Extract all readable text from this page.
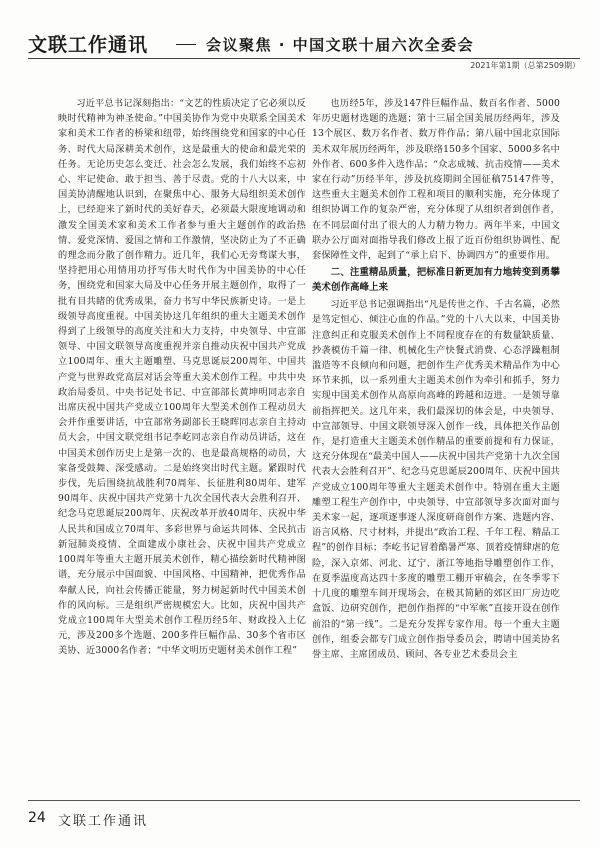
文联工作通讯	会议聚焦 · 中国文联十届六次全委会
2021年第1期（总第2509期）

习近平总书记深刻指出：“文艺的性质决定了它必须以反映时代精神为神圣使命。”中国美协作为党中央联系全国美术家和美术工作者的桥梁和纽带，始终围绕党和国家的中心任务、时代大局深耕美术创作，这是最重大的使命和最光荣的任务。无论历史怎么变迁、社会怎么发展，我们始终不忘初心、牢记使命、敢于担当、善于尽责。党的十八大以来，中国美协清醒地认识到，在聚焦中心、服务大局组织美术创作上，已经迎来了新时代的美好春天，必须最大限度地调动和激发全国美术家和美术工作者参与重大主题创作的政治热情、爱党深情、爱国之情和工作激情，坚决防止为了不正确的理念而分散了创作精力。近几年，我们心无旁骛谋大事，坚持把用心用情用功抒写伟大时代作为中国美协的中心任务，围绕党和国家大局及中心任务开展主题创作，取得了一批有目共睹的优秀成果，奋力书写中华民族新史诗。一是上级领导高度重视。中国美协这几年组织的重大主题美术创作得到了上级领导的高度关注和大力支持，中央领导、中宣部领导、中国文联领导高度重视并亲自推动庆祝中国共产党成立100周年、重大主题雕塑、马克思诞辰200周年、中国共产党与世界政党高层对话会等重大美术创作工程。中共中央政治局委员、中央书记处书记、中宣部部长黄坤明同志亲自出席庆祝中国共产党成立100周年大型美术创作工程动员大会并作重要讲话，中宣部常务副部长王晓晖同志亲自主持动员大会，中国文联党组书记李屹同志亲自作动员讲话，这在中国美术创作历史上是第一次的、也是最高规格的动员，大家备受鼓舞、深受感动。二是始终突出时代主题。紧跟时代步伐，先后围绕抗战胜利70周年、长征胜利80周年、建军90周年、庆祝中国共产党第十九次全国代表大会胜利召开、纪念马克思诞辰200周年、庆祝改革开放40周年、庆祝中华人民共和国成立70周年、多彩世界与命运共同体、全民抗击新冠肺炎疫情、全面建成小康社会、庆祝中国共产党成立100周年等重大主题开展美术创作，精心描绘新时代精神图谱，充分展示中国面貌、中国风格、中国精神，把优秀作品奉献人民，向社会传播正能量，努力树起新时代中国美术创作的风向标。三是组织严密规模宏大。比如，庆祝中国共产党成立100周年大型美术创作工程历经5年、财政投入上亿元，涉及200多个选题、200多件巨幅作品、30多个省市区美协、近3000名作者；“中华文明历史题材美术创作工程”

也历经5年，涉及147件巨幅作品、数百名作者、5000年历史题材选题的选题；第十三届全国美展历经两年，涉及13个展区、数万名作者、数万件作品；第八届中国北京国际美术双年展历经两年，涉及联络150多个国家、5000多名中外作者、600多件入选作品；“众志成城、抗击疫情——美术家在行动”历经半年，涉及抗疫期间全国征稿75147件等，这些重大主题美术创作工程和项目的顺利实施，充分体现了组织协调工作的复杂严密，充分体现了从组织者到创作者，在不同层面付出了很大的人力精力物力。两年半来，中国文联办公厅面对面指导我们修改上报了近百份组织协调性、配套保障性文件，起到了“承上启下、协调四方”的重要作用。

二、注重精品质量，把标准日新更加有力地转变到勇攀美术创作高峰上来

习近平总书记强调指出“凡是传世之作、千古名篇，必然是笃定恒心、倾注心血的作品。”党的十八大以来，中国美协注意纠正和克服美术创作上不同程度存在的有数量缺质量、抄袭模仿千篇一律、机械化生产快餐式消费、心态浮躁粗制滥造等不良倾向和问题，把创作生产优秀美术精品作为中心环节来抓，以一系列重大主题美术创作为牵引和抓手，努力实现中国美术创作从高原向高峰的跨越和迈进。一是领导靠前指挥把关。这几年来，我们最深切的体会是，中央领导、中宣部领导、中国文联领导深入创作一线，具体把关作品创作，是打造重大主题美术创作精品的重要前提和有力保证，这充分体现在“最美中国人——庆祝中国共产党第十九次全国代表大会胜利召开”、纪念马克思诞辰200周年、庆祝中国共产党成立100周年等重大主题美术创作中。特别在重大主题雕塑工程生产创作中，中央领导、中宣部领导多次面对面与美术家一起，逐项逐事逐人深度研商创作方案、选题内容、语言风格、尺寸材料，并提出“政治工程、千年工程、精品工程”的创作目标；李屹书记冒着酷暑严寒、顶着疫情肆虐的危险，深入京郊、河北、辽宁、浙江等地指导雕塑创作工作，在夏季温度高达四十多度的雕塑工棚开审稿会，在冬季零下十几度的雕塑车间开现场会，在极其简陋的郊区田厂房边吃盒饭、边研究创作，把创作指挥的“中军帐”直接开设在创作前沿的“第一线”。二是充分发挥专家作用。每一个重大主题创作，组委会都专门成立创作指导委员会，聘请中国美协名誉主席、主席团成员、顾问、各专业艺术委员会主

24 文联工作通讯
